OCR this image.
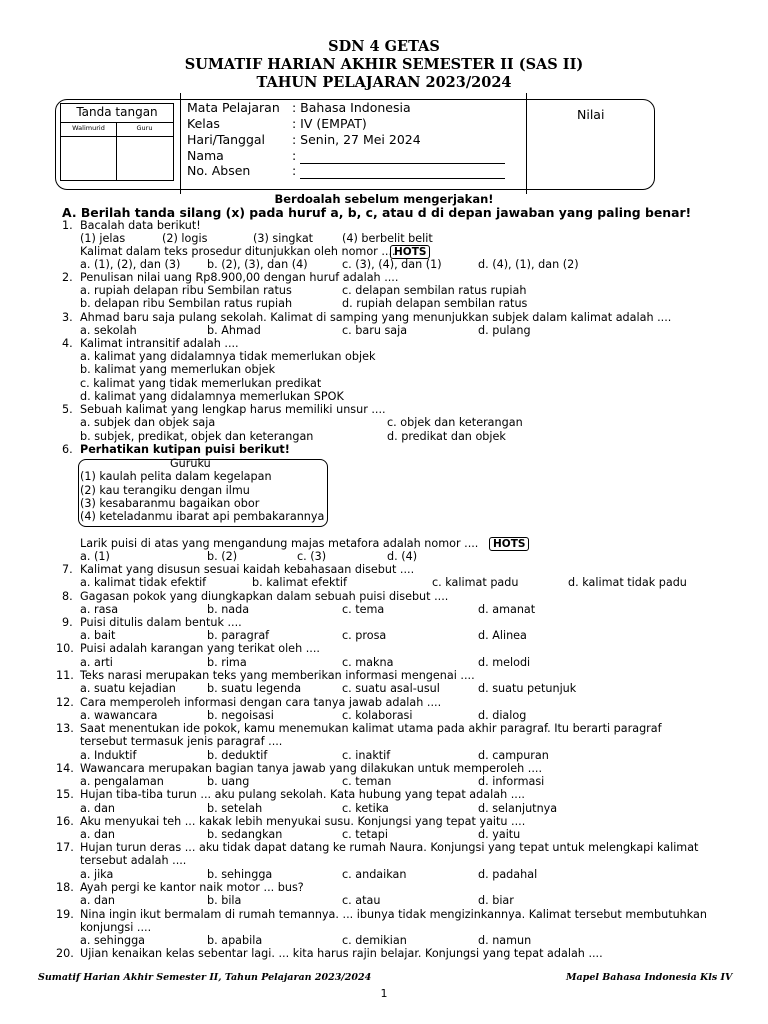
SDN 4 GETAS
SUMATIF HARIAN AKHIR SEMESTER II (SAS II)
TAHUN PELAJARAN 2023/2024
Tanda tangan
Walimurid	Guru
Mata Pelajaran : Bahasa Indonesia
Kelas	: IV (EMPAT)
Hari/Tanggal : Senin, 27 Mei 2024
Nama	:
No. Absen	:
Nilai
Berdoalah sebelum mengerjakan!
A. Berilah tanda silang (x) pada huruf a, b, c, atau d di depan jawaban yang paling benar!
1. Bacalah data berikut!
(1) jelas	(2) logis	(3) singkat	(4) berbelit belit
Kalimat dalam teks prosedur ditunjukkan oleh nomor ....
HOTS
a. (1), (2), dan (3) b. (2), (3), dan (4)	c. (3), (4), dan (1)	d. (4), (1), dan (2)
2. Penulisan nilai uang Rp8.900,00 dengan huruf adalah ....
a. rupiah delapan ribu Sembilan ratus	c. delapan sembilan ratus rupiah
b. delapan ribu Sembilan ratus rupiah	d. rupiah delapan sembilan ratus
3. Ahmad baru saja pulang sekolah. Kalimat di samping yang menunjukkan subjek dalam kalimat adalah ....
a. sekolah	b. Ahmad	c. baru saja	d. pulang
4. Kalimat intransitif adalah ....
a. kalimat yang didalamnya tidak memerlukan objek
b. kalimat yang memerlukan objek
c. kalimat yang tidak memerlukan predikat
d. kalimat yang didalamnya memerlukan SPOK
5. Sebuah kalimat yang lengkap harus memiliki unsur ....
a. subjek dan objek saja	c. objek dan keterangan
b. subjek, predikat, objek dan keterangan	d. predikat dan objek
6. Perhatikan kutipan puisi berikut!
Guruku
(1) kaulah pelita dalam kegelapan
(2) kau terangiku dengan ilmu
(3) kesabaranmu bagaikan obor
(4) keteladanmu ibarat api pembakarannya
Larik puisi di atas yang mengandung majas metafora adalah nomor ....	HOTS
a. (1)	b. (2)	c. (3)	d. (4)
7. Kalimat yang disusun sesuai kaidah kebahasaan disebut ....
a. kalimat tidak efektif	b. kalimat efektif	c. kalimat padu	d. kalimat tidak padu
8. Gagasan pokok yang diungkapkan dalam sebuah puisi disebut ....
a. rasa	b. nada	c. tema	d. amanat
9. Puisi ditulis dalam bentuk ....
a. bait	b. paragraf	c. prosa	d. Alinea
10. Puisi adalah karangan yang terikat oleh ....
a. arti	b. rima	c. makna	d. melodi
11. Teks narasi merupakan teks yang memberikan informasi mengenai ....
a. suatu kejadian	b. suatu legenda	c. suatu asal-usul	d. suatu petunjuk
12. Cara memperoleh informasi dengan cara tanya jawab adalah ....
a. wawancara	b. negoisasi	c. kolaborasi	d. dialog
13. Saat menentukan ide pokok, kamu menemukan kalimat utama pada akhir paragraf. Itu berarti paragraf
tersebut termasuk jenis paragraf ....
a. Induktif	b. deduktif	c. inaktif	d. campuran
14. Wawancara merupakan bagian tanya jawab yang dilakukan untuk memperoleh ....
a. pengalaman	b. uang	c. teman	d. informasi
15. Hujan tiba-tiba turun ... aku pulang sekolah. Kata hubung yang tepat adalah ....
a. dan	b. setelah	c. ketika	d. selanjutnya
16. Aku menyukai teh ... kakak lebih menyukai susu. Konjungsi yang tepat yaitu ....
a. dan	b. sedangkan	c. tetapi	d. yaitu
17. Hujan turun deras ... aku tidak dapat datang ke rumah Naura. Konjungsi yang tepat untuk melengkapi kalimat
tersebut adalah ....
a. jika	b. sehingga	c. andaikan	d. padahal
18. Ayah pergi ke kantor naik motor ... bus?
a. dan	b. bila	c. atau	d. biar
19. Nina ingin ikut bermalam di rumah temannya. ... ibunya tidak mengizinkannya. Kalimat tersebut membutuhkan
konjungsi ....
a. sehingga	b. apabila	c. demikian	d. namun
20. Ujian kenaikan kelas sebentar lagi. ... kita harus rajin belajar. Konjungsi yang tepat adalah ....
Sumatif Harian Akhir Semester II, Tahun Pelajaran 2023/2024	Mapel Bahasa Indonesia Kls IV
1
